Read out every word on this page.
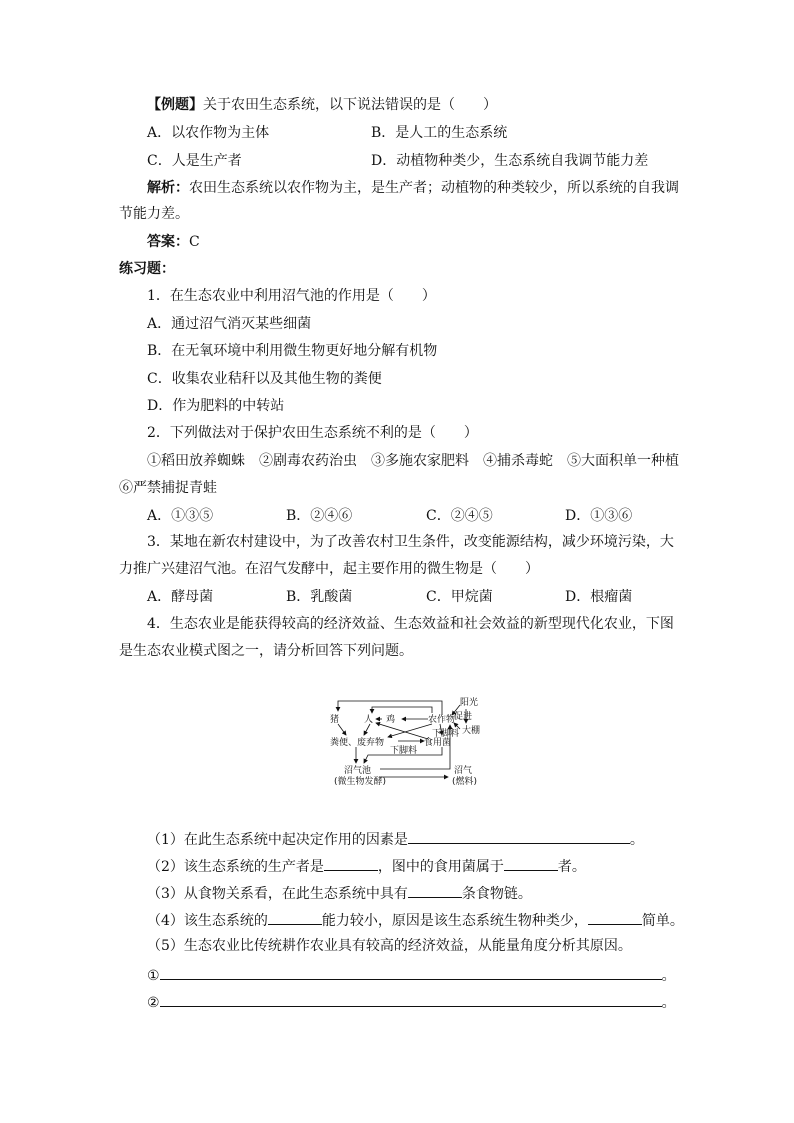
【例题】关于农田生态系统，以下说法错误的是（　　）
A．以农作物为主体	B．是人工的生态系统
C．人是生产者	D．动植物种类少，生态系统自我调节能力差
解析：农田生态系统以农作物为主，是生产者；动植物的种类较少，所以系统的自我调
节能力差。
答案：C
练习题：
1．在生态农业中利用沼气池的作用是（　　）
A．通过沼气消灭某些细菌
B．在无氧环境中利用微生物更好地分解有机物
C．收集农业秸秆以及其他生物的粪便
D．作为肥料的中转站
2．下列做法对于保护农田生态系统不利的是（　　）
①稻田放养蜘蛛　②剧毒农药治虫　③多施农家肥料　④捕杀毒蛇　⑤大面积单一种植
⑥严禁捕捉青蛙
A．①③⑤	B．②④⑥	C．②④⑤	D．①③⑥
3．某地在新农村建设中，为了改善农村卫生条件，改变能源结构，减少环境污染，大
力推广兴建沼气池。在沼气发酵中，起主要作用的微生物是（　　）
A．酵母菌	B．乳酸菌	C．甲烷菌	D．根瘤菌
4．生态农业是能获得较高的经济效益、生态效益和社会效益的新型现代化农业，下图
是生态农业模式图之一，请分析回答下列问题。
猪	人 鸡	农作物
阳光
促进
大棚
粪便、废弃物	食用菌
下脚料
下脚料
沼气池
(微生物发酵)
沼气
(燃料)
（1）在此生态系统中起决定作用的因素是	。
（2）该生态系统的生产者是	，图中的食用菌属于	者。
（3）从食物关系看，在此生态系统中具有	条食物链。
（4）该生态系统的	能力较小，原因是该生态系统生物种类少，	简单。
（5）生态农业比传统耕作农业具有较高的经济效益，从能量角度分析其原因。
①	。
②	。
